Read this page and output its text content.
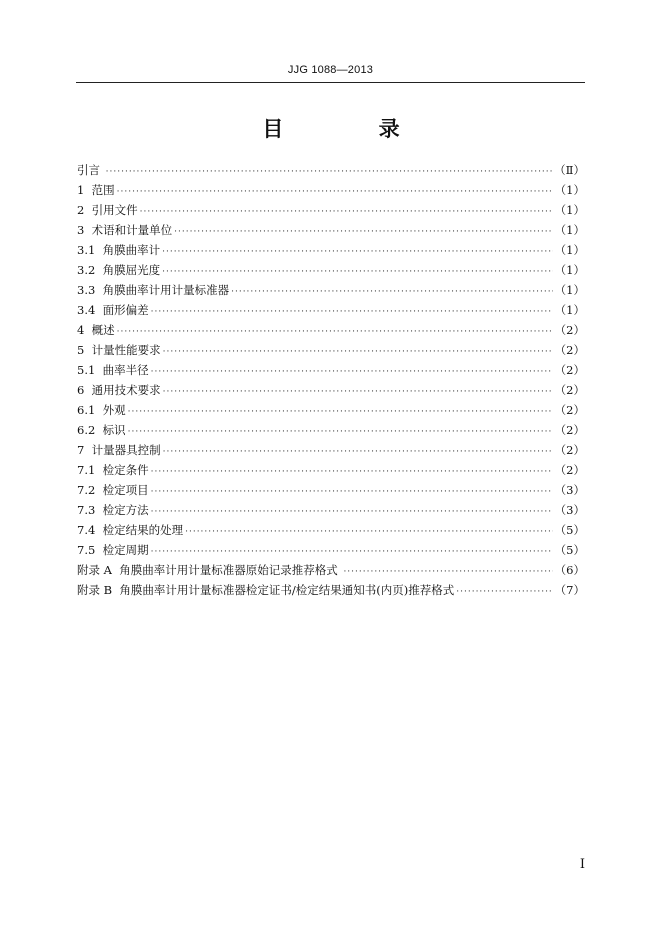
JJG 1088—2013
目 录
引言 ·····	（Ⅱ）
1  范围 ·····	（1）
2  引用文件 ·····	（1）
3  术语和计量单位 ·····	（1）
3.1  角膜曲率计 ·····	（1）
3.2  角膜屈光度 ·····	（1）
3.3  角膜曲率计用计量标准器 ·····	（1）
3.4  面形偏差 ·····	（1）
4  概述 ·····	（2）
5  计量性能要求 ·····	（2）
5.1  曲率半径 ·····	（2）
6  通用技术要求 ·····	（2）
6.1  外观 ·····	（2）
6.2  标识 ·····	（2）
7  计量器具控制 ·····	（2）
7.1  检定条件 ·····	（2）
7.2  检定项目 ·····	（3）
7.3  检定方法 ·····	（3）
7.4  检定结果的处理 ·····	（5）
7.5  检定周期 ·····	（5）
附录 A  角膜曲率计用计量标准器原始记录推荐格式 ·····	（6）
附录 B  角膜曲率计用计量标准器检定证书/检定结果通知书(内页)推荐格式 ·····	（7）
Ⅰ
